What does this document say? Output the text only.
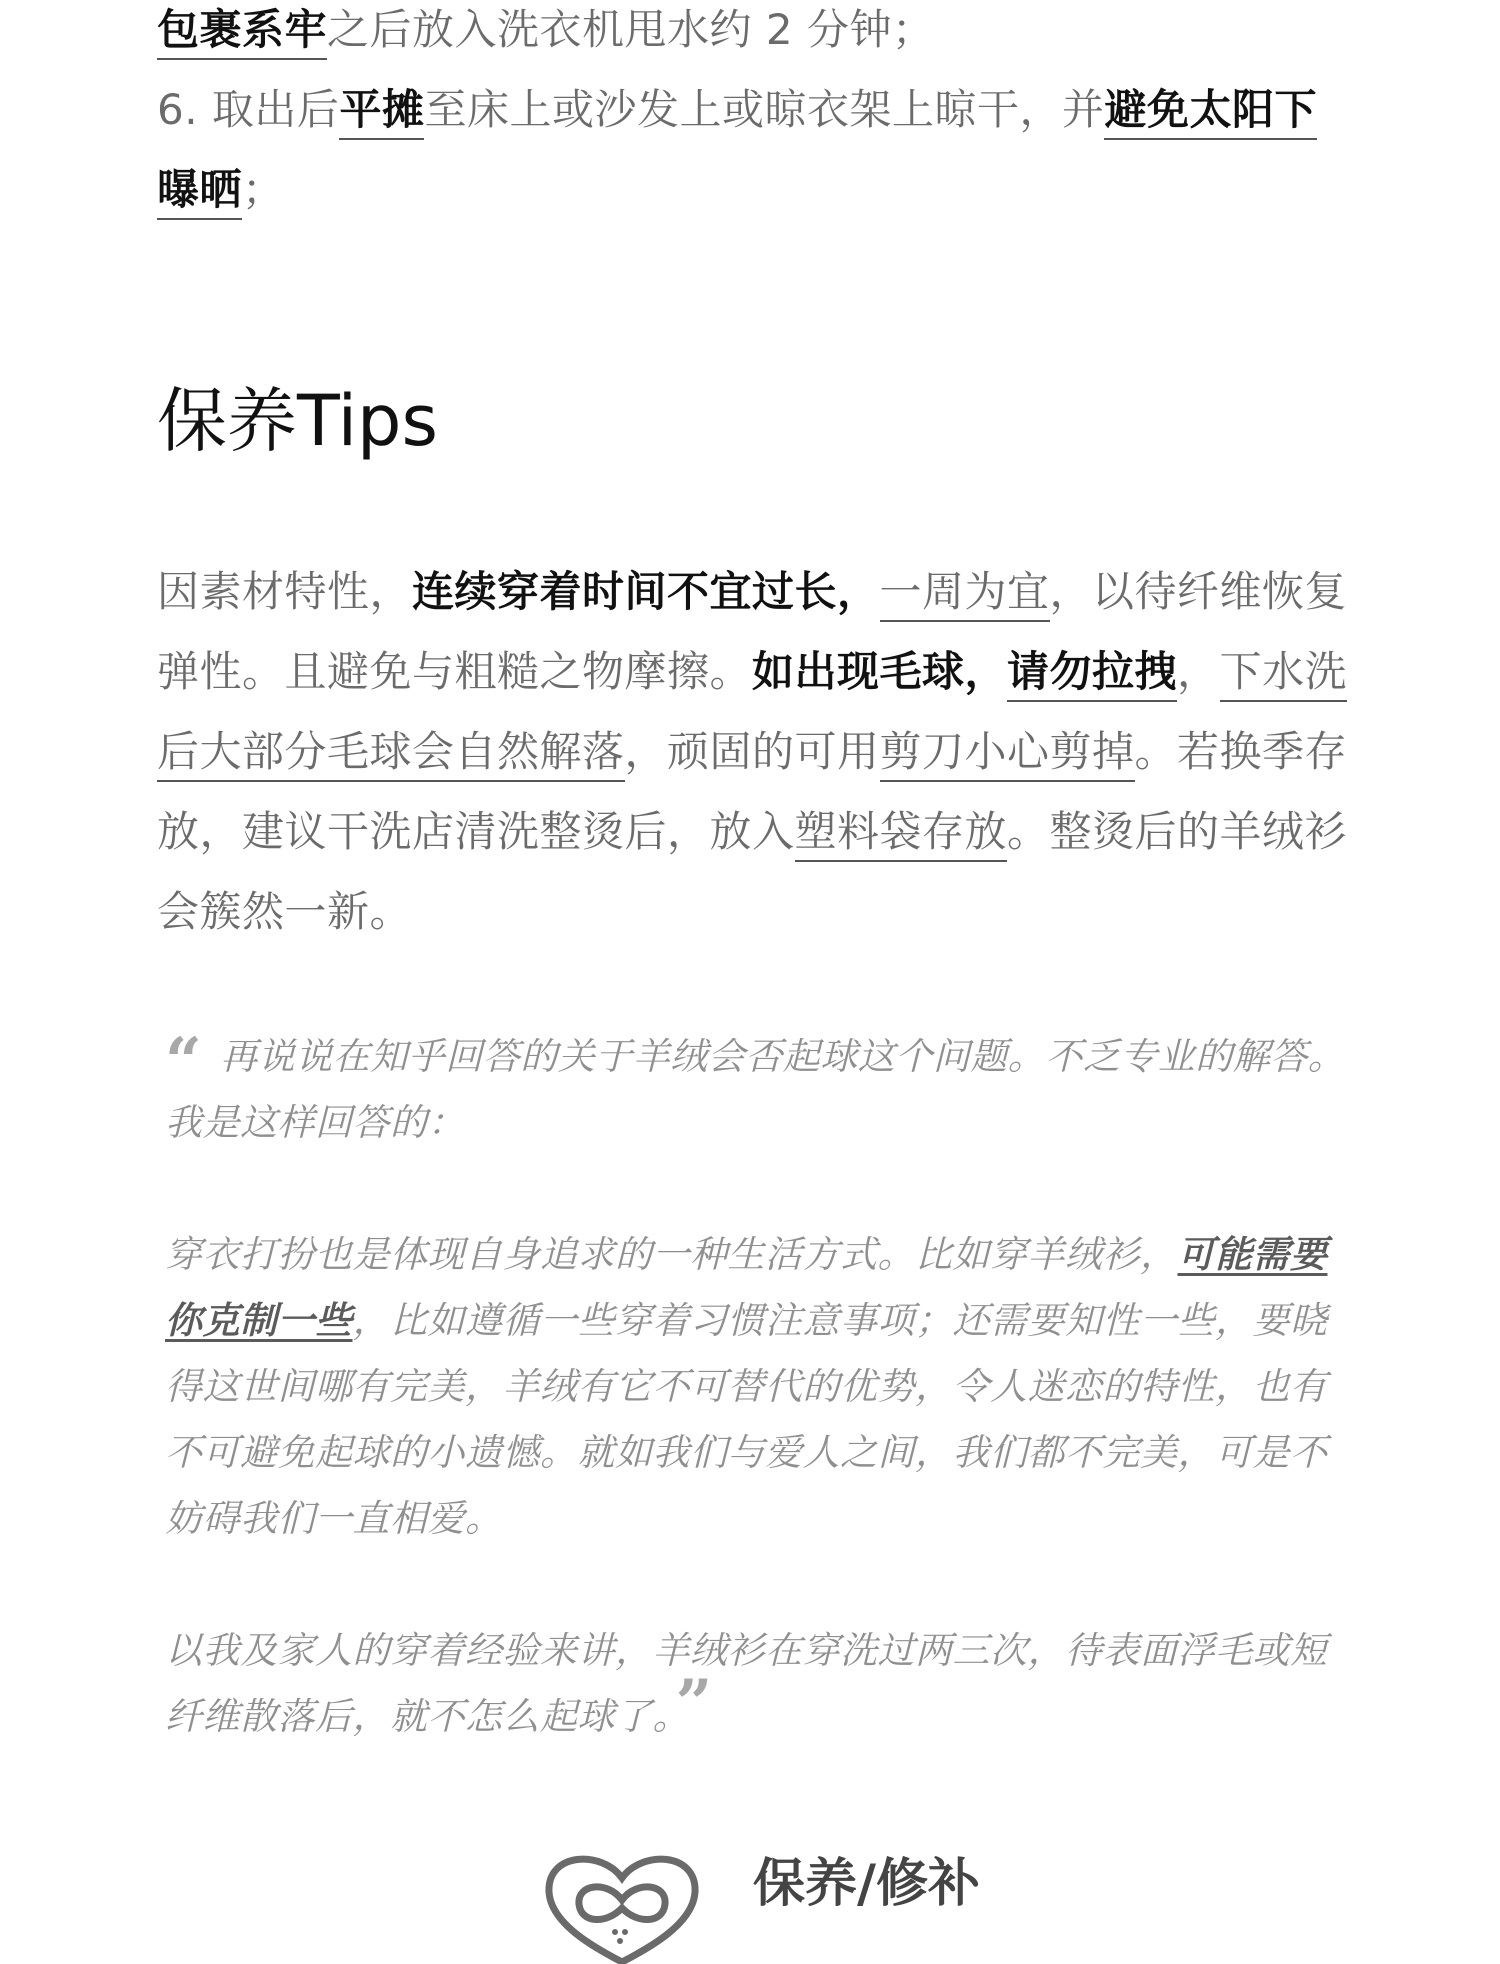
包裹系牢之后放入洗衣机甩水约 2 分钟；

6. 取出后平摊至床上或沙发上或晾衣架上晾干，并避免太阳下曝晒；

保养Tips

因素材特性，连续穿着时间不宜过长，一周为宜，以待纤维恢复弹性。且避免与粗糙之物摩擦。如出现毛球，请勿拉拽，下水洗后大部分毛球会自然解落，顽固的可用剪刀小心剪掉。若换季存放，建议干洗店清洗整烫后，放入塑料袋存放。整烫后的羊绒衫会簇然一新。

“ 再说说在知乎回答的关于羊绒会否起球这个问题。不乏专业的解答。我是这样回答的：

穿衣打扮也是体现自身追求的一种生活方式。比如穿羊绒衫，可能需要你克制一些，比如遵循一些穿着习惯注意事项；还需要知性一些，要晓得这世间哪有完美，羊绒有它不可替代的优势，令人迷恋的特性，也有不可避免起球的小遗憾。就如我们与爱人之间，我们都不完美，可是不妨碍我们一直相爱。

以我及家人的穿着经验来讲，羊绒衫在穿洗过两三次，待表面浮毛或短纤维散落后，就不怎么起球了。”

保养/修补
